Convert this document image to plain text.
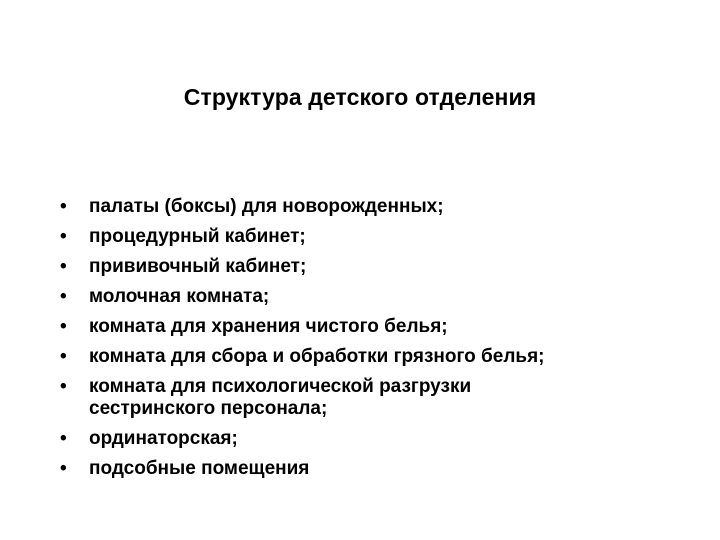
Структура детского отделения
• палаты (боксы) для новорожденных;
• процедурный кабинет;
• прививочный кабинет;
• молочная комната;
• комната для хранения чистого белья;
• комната для сбора и обработки грязного белья;
• комната для психологической разгрузки сестринского персонала;
• ординаторская;
• подсобные помещения
